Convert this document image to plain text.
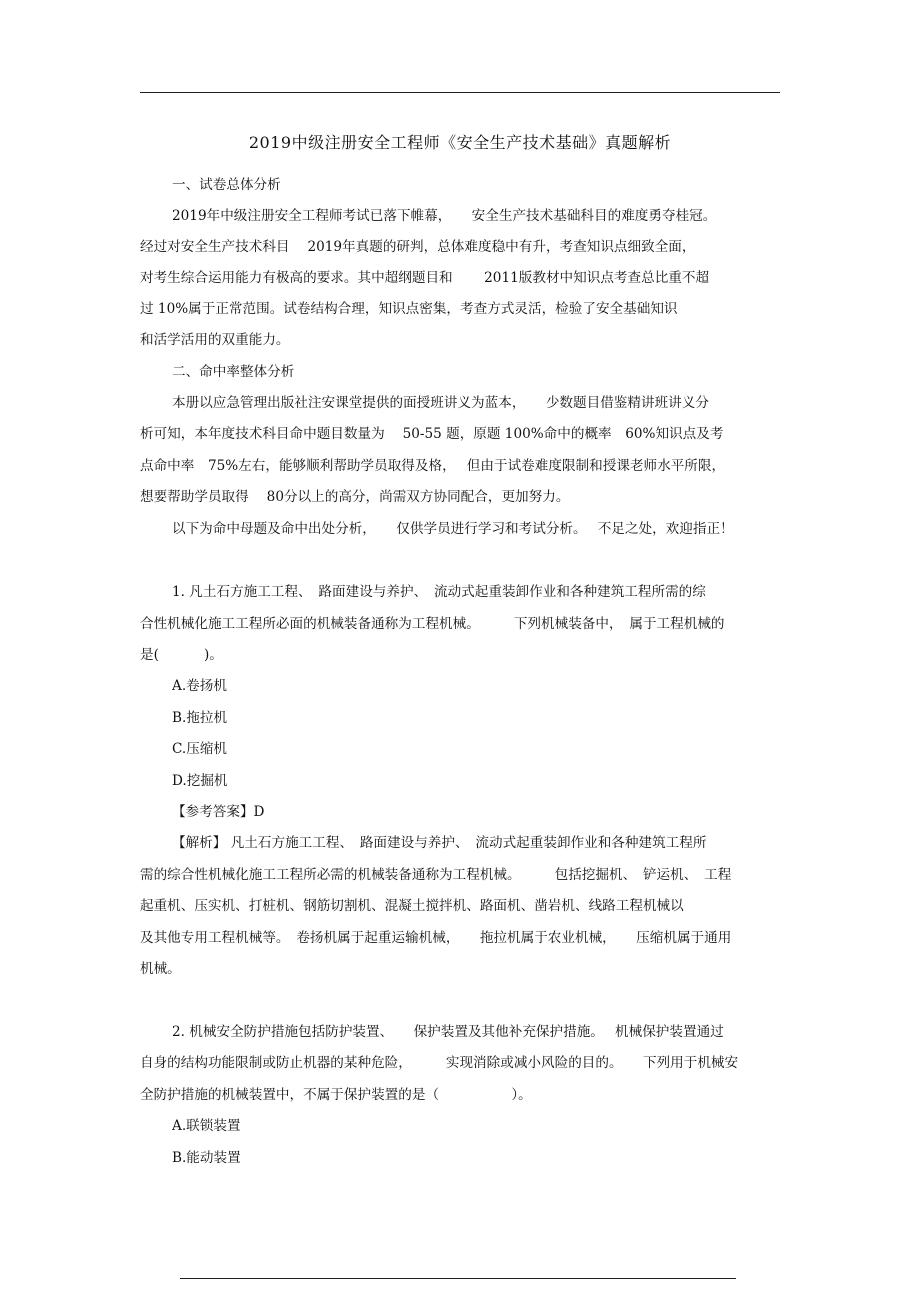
2019中级注册安全工程师《安全生产技术基础》真题解析
一、试卷总体分析
2019年中级注册安全工程师考试已落下帷幕，　　安全生产技术基础科目的难度勇夺桂冠。
经过对安全生产技术科目　 2019年真题的研判，总体难度稳中有升，考查知识点细致全面，
对考生综合运用能力有极高的要求。其中超纲题目和　　 2011版教材中知识点考查总比重不超
过 10%属于正常范围。试卷结构合理，知识点密集，考查方式灵活，检验了安全基础知识
和活学活用的双重能力。
二、命中率整体分析
本册以应急管理出版社注安课堂提供的面授班讲义为蓝本，　　少数题目借鉴精讲班讲义分
析可知，本年度技术科目命中题目数量为　 50-55 题，原题 100%命中的概率　60%知识点及考
点命中率　75%左右，能够顺利帮助学员取得及格，　 但由于试卷难度限制和授课老师水平所限，
想要帮助学员取得　 80分以上的高分，尚需双方协同配合，更加努力。
以下为命中母题及命中出处分析，　　仅供学员进行学习和考试分析。　 不足之处，欢迎指正！
1. 凡土石方施工工程、　路面建设与养护、　流动式起重装卸作业和各种建筑工程所需的综
合性机械化施工工程所必面的机械装备通称为工程机械。　　　下列机械装备中，　属于工程机械的
是(　　　 )。
A.卷扬机
B.拖拉机
C.压缩机
D.挖掘机
【参考答案】D
【解析】 凡土石方施工工程、　路面建设与养护、　流动式起重装卸作业和各种建筑工程所
需的综合性机械化施工工程所必需的机械装备通称为工程机械。　　　包括挖掘机、　铲运机、　工程
起重机、压实机、打桩机、钢筋切割机、混凝土搅拌机、路面机、凿岩机、线路工程机械以
及其他专用工程机械等。　卷扬机属于起重运输机械，　　拖拉机属于农业机械，　　压缩机属于通用
机械。
2. 机械安全防护措施包括防护装置、　　保护装置及其他补充保护措施。　 机械保护装置通过
自身的结构功能限制或防止机器的某种危险，　　　实现消除或减小风险的目的。　　下列用于机械安
全防护措施的机械装置中，不属于保护装置的是（　　　　　 ）。
A.联锁装置
B.能动装置
